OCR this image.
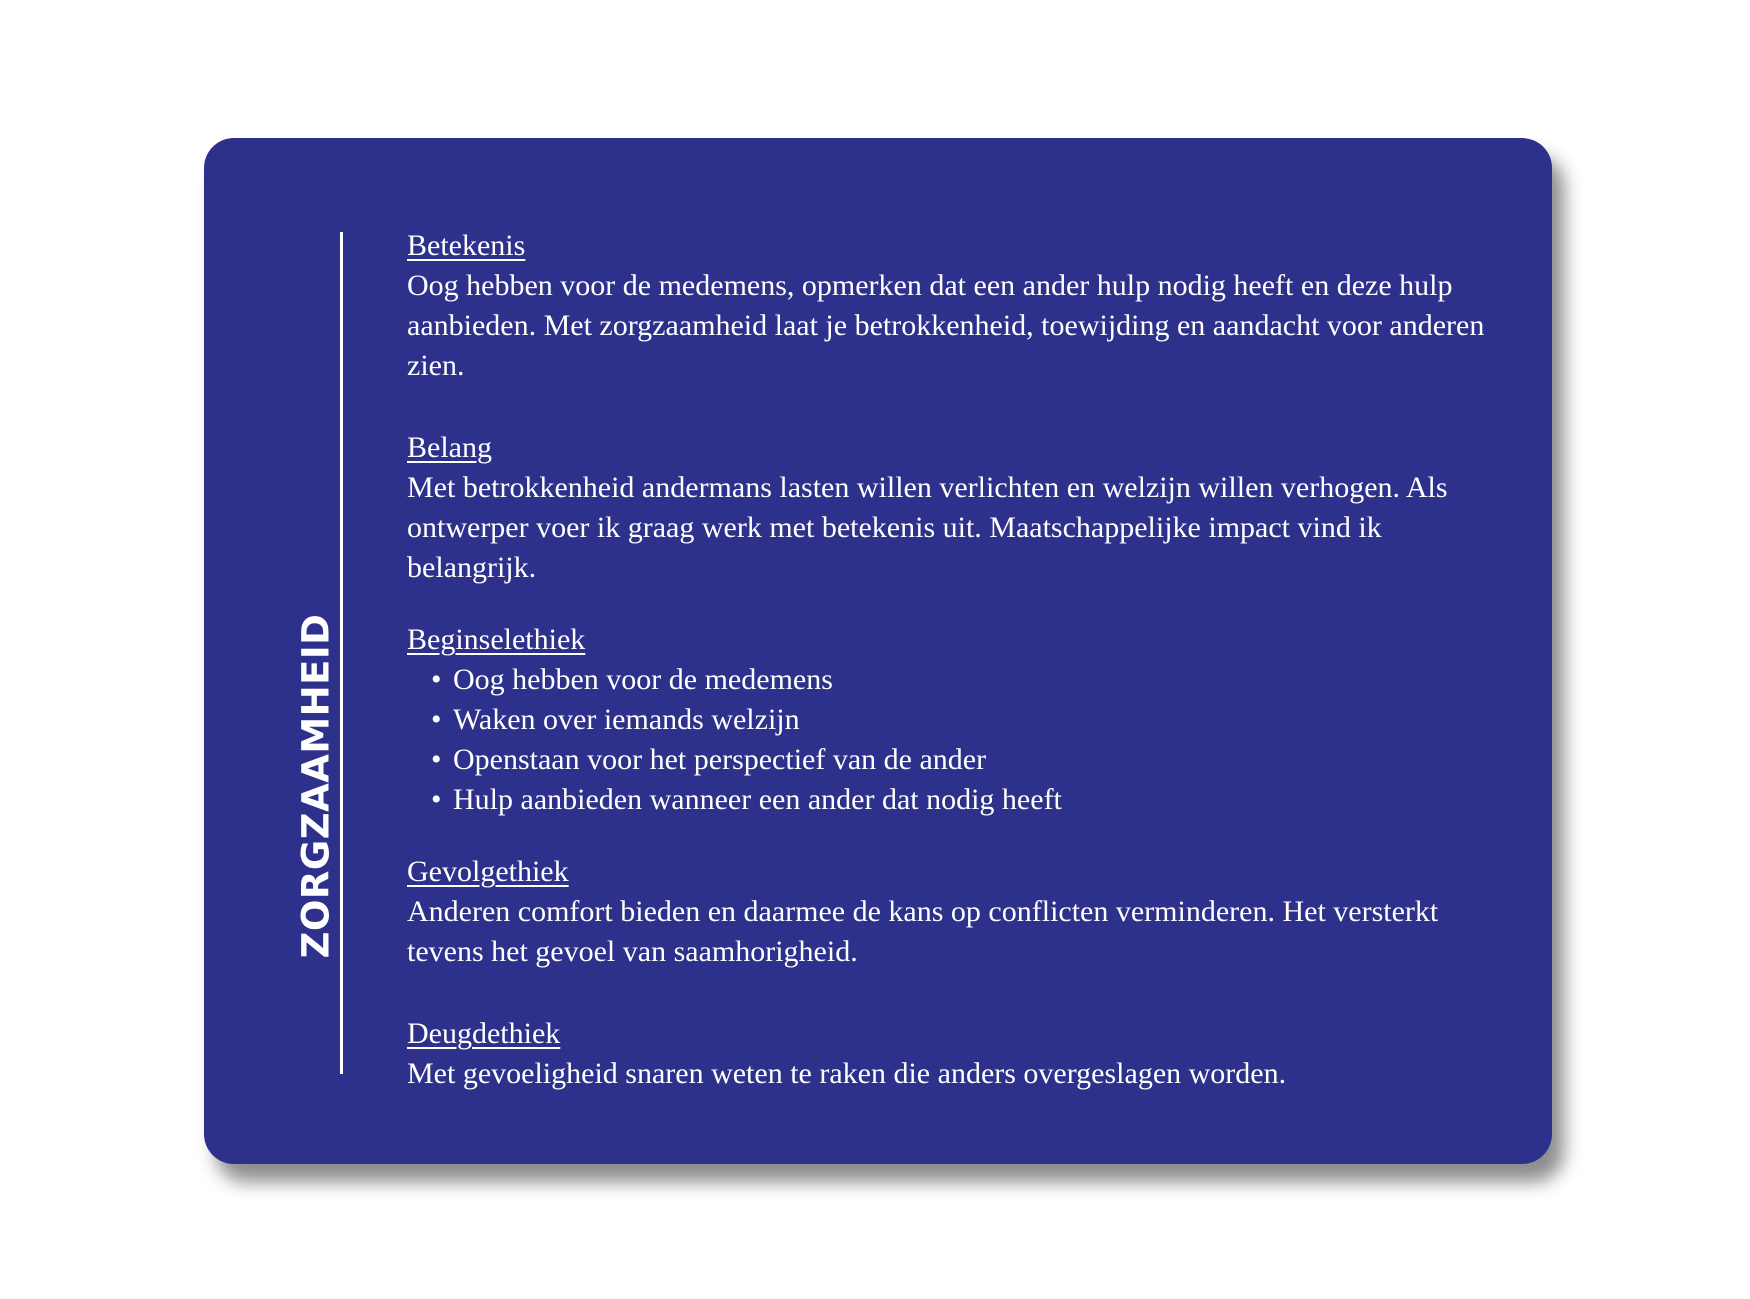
ZORGZAAMHEID
Betekenis
Oog hebben voor de medemens, opmerken dat een ander hulp nodig heeft en deze hulp aanbieden. Met zorgzaamheid laat je betrokkenheid, toewijding en aandacht voor anderen zien.
Belang
Met betrokkenheid andermans lasten willen verlichten en welzijn willen verhogen. Als ontwerper voer ik graag werk met betekenis uit. Maatschappelijke impact vind ik belangrijk.
Beginselethiek
• Oog hebben voor de medemens
• Waken over iemands welzijn
• Openstaan voor het perspectief van de ander
• Hulp aanbieden wanneer een ander dat nodig heeft
Gevolgethiek
Anderen comfort bieden en daarmee de kans op conflicten verminderen. Het versterkt tevens het gevoel van saamhorigheid.
Deugdethiek
Met gevoeligheid snaren weten te raken die anders overgeslagen worden.
